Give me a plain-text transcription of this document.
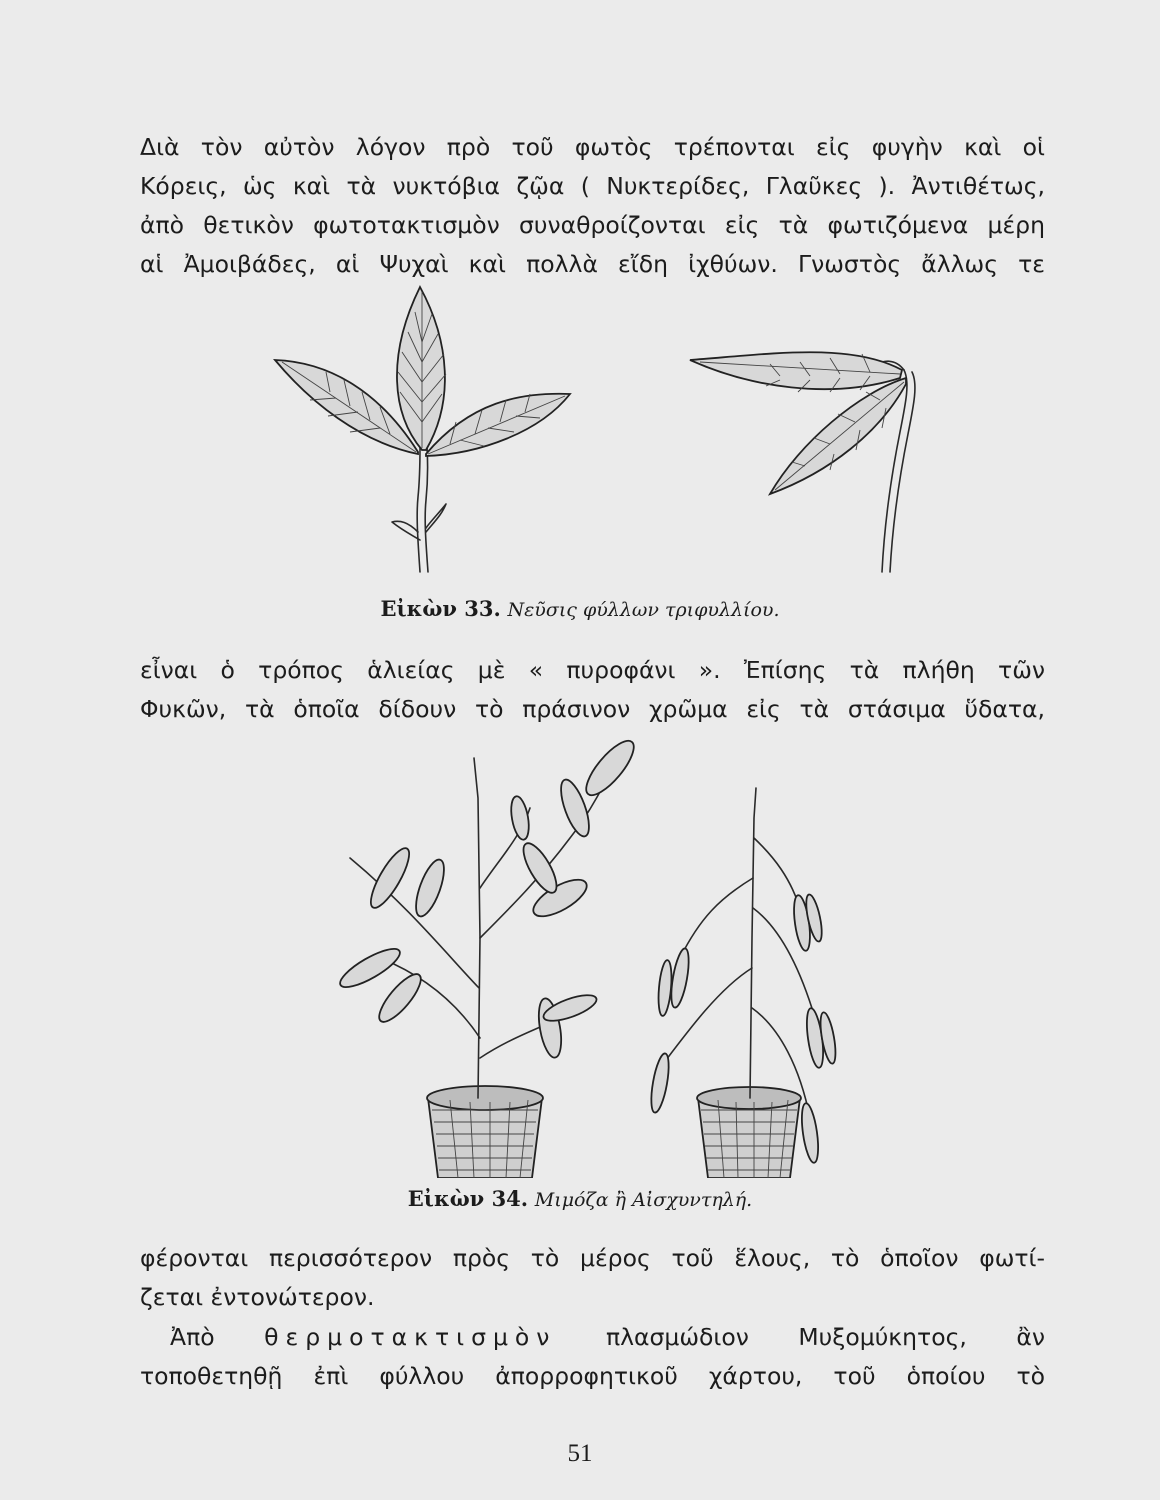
Διὰ τὸν αὐτὸν λόγον πρὸ τοῦ φωτὸς τρέπονται εἰς φυγὴν καὶ οἱ
Κόρεις, ὡς καὶ τὰ νυκτόβια ζῷα ( Νυκτερίδες, Γλαῦκες ). Ἀντιθέτως,
ἀπὸ θετικὸν φωτοτακτισμὸν συναθροίζονται εἰς τὰ φωτιζόμενα μέρη
αἱ Ἀμοιβάδες, αἱ Ψυχαὶ καὶ πολλὰ εἴδη ἰχθύων. Γνωστὸς ἄλλως τε
Εἰκὼν 33. Νεῦσις φύλλων τριφυλλίου.
εἶναι ὁ τρόπος ἁλιείας μὲ « πυροφάνι ». Ἐπίσης τὰ πλήθη τῶν
Φυκῶν, τὰ ὁποῖα δίδουν τὸ πράσινον χρῶμα εἰς τὰ στάσιμα ὕδατα,
Εἰκὼν 34. Μιμόζα ἢ Αἰσχυντηλή.
φέρονται περισσότερον πρὸς τὸ μέρος τοῦ ἕλους, τὸ ὁποῖον φωτί-
ζεται ἐντονώτερον.
Ἀπὸ θερμοτακτισμὸν πλασμώδιον Μυξομύκητος, ἂν
τοποθετηθῇ ἐπὶ φύλλου ἀπορροφητικοῦ χάρτου, τοῦ ὁποίου τὸ
51
